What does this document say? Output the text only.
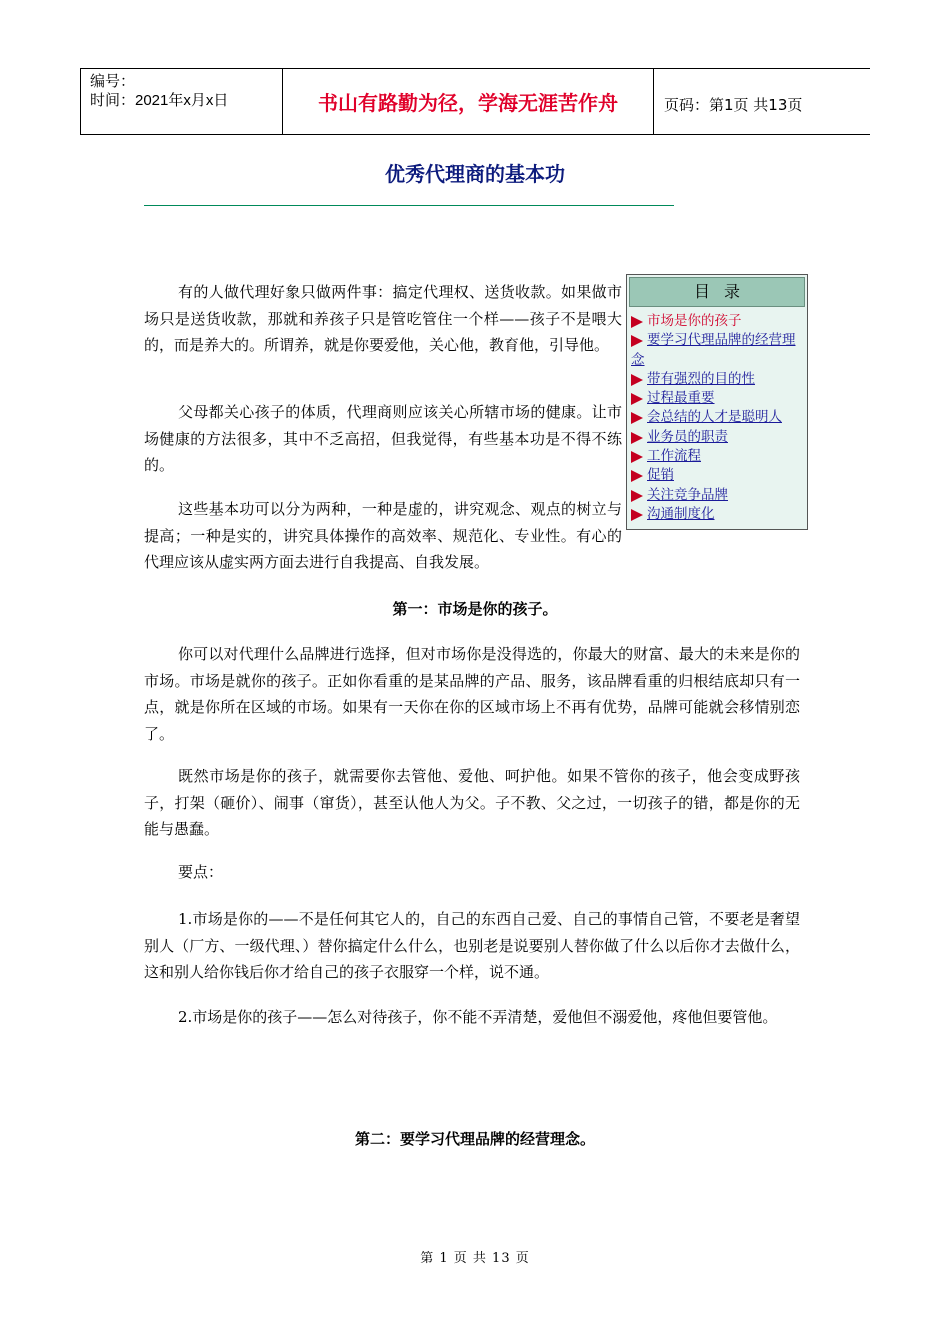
编号：
时间：2021年x月x日	书山有路勤为径，学海无涯苦作舟	页码：第1页 共13页
优秀代理商的基本功
有的人做代理好象只做两件事：搞定代理权、送货收款。如果做市场只是送货收款，那就和养孩子只是管吃管住一个样——孩子不是喂大的，而是养大的。所谓养，就是你要爱他，关心他，教育他，引导他。
父母都关心孩子的体质，代理商则应该关心所辖市场的健康。让市场健康的方法很多，其中不乏高招，但我觉得，有些基本功是不得不练的。
这些基本功可以分为两种，一种是虚的，讲究观念、观点的树立与提高；一种是实的，讲究具体操作的高效率、规范化、专业性。有心的代理应该从虚实两方面去进行自我提高、自我发展。
目录
市场是你的孩子
要学习代理品牌的经营理念
带有强烈的目的性
过程最重要
会总结的人才是聪明人
业务员的职责
工作流程
促销
关注竞争品牌
沟通制度化
第一：市场是你的孩子。
你可以对代理什么品牌进行选择，但对市场你是没得选的，你最大的财富、最大的未来是你的市场。市场是就你的孩子。正如你看重的是某品牌的产品、服务，该品牌看重的归根结底却只有一点，就是你所在区域的市场。如果有一天你在你的区域市场上不再有优势，品牌可能就会移情别恋了。
既然市场是你的孩子，就需要你去管他、爱他、呵护他。如果不管你的孩子，他会变成野孩子，打架（砸价）、闹事（窜货），甚至认他人为父。子不教、父之过，一切孩子的错，都是你的无能与愚蠢。
要点：
1.市场是你的——不是任何其它人的，自己的东西自己爱、自己的事情自己管，不要老是奢望别人（厂方、一级代理、）替你搞定什么什么，也别老是说要别人替你做了什么以后你才去做什么，这和别人给你钱后你才给自己的孩子衣服穿一个样，说不通。
2.市场是你的孩子——怎么对待孩子，你不能不弄清楚，爱他但不溺爱他，疼他但要管他。
第二：要学习代理品牌的经营理念。
第 1 页 共 13 页
